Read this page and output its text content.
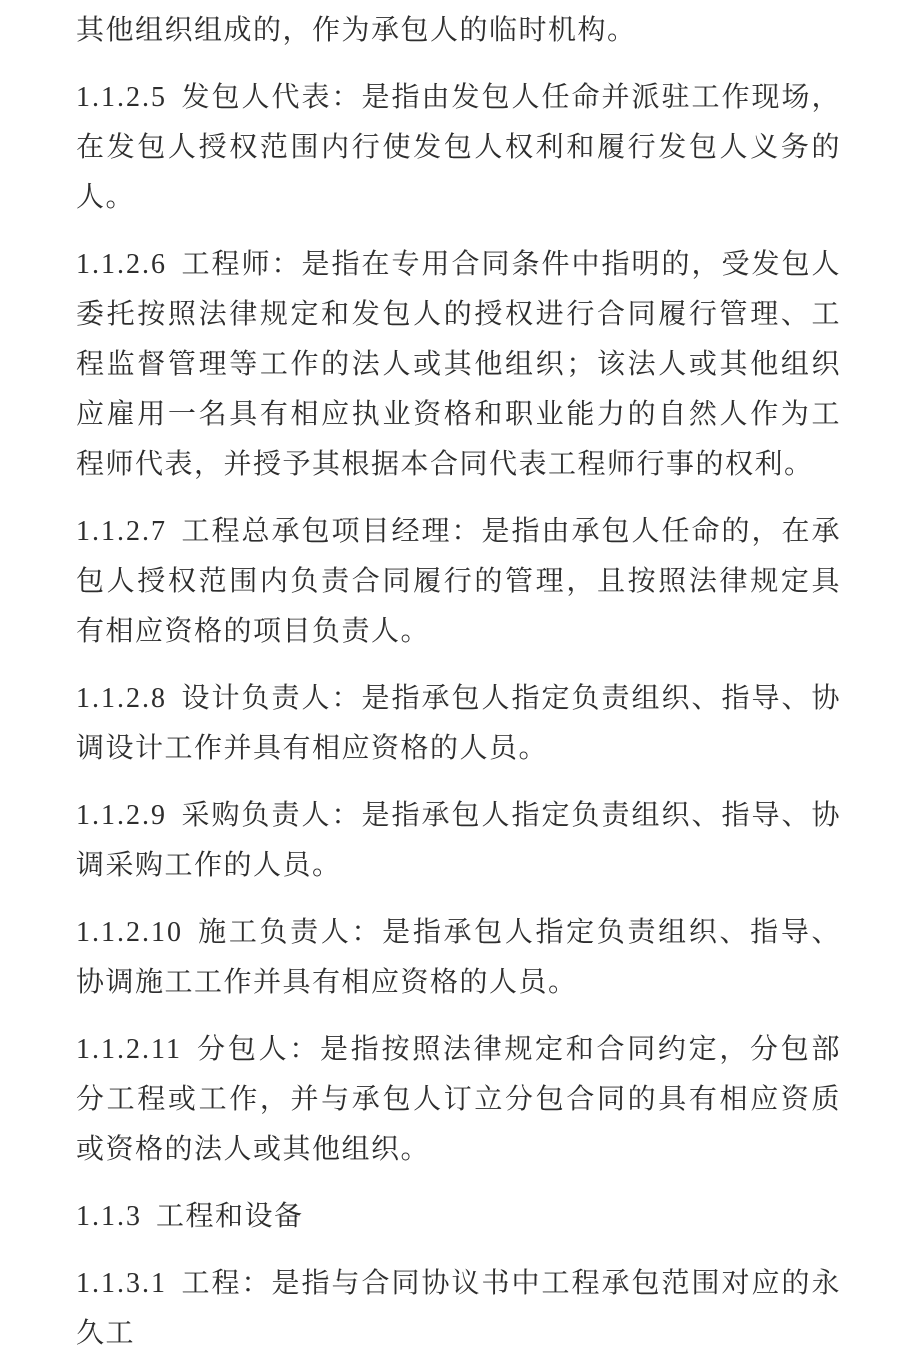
其他组织组成的，作为承包人的临时机构。

1.1.2.5 发包人代表：是指由发包人任命并派驻工作现场，在发包人授权范围内行使发包人权利和履行发包人义务的人。

1.1.2.6 工程师：是指在专用合同条件中指明的，受发包人委托按照法律规定和发包人的授权进行合同履行管理、工程监督管理等工作的法人或其他组织；该法人或其他组织应雇用一名具有相应执业资格和职业能力的自然人作为工程师代表，并授予其根据本合同代表工程师行事的权利。

1.1.2.7 工程总承包项目经理：是指由承包人任命的，在承包人授权范围内负责合同履行的管理，且按照法律规定具有相应资格的项目负责人。

1.1.2.8 设计负责人：是指承包人指定负责组织、指导、协调设计工作并具有相应资格的人员。

1.1.2.9 采购负责人：是指承包人指定负责组织、指导、协调采购工作的人员。

1.1.2.10 施工负责人：是指承包人指定负责组织、指导、协调施工工作并具有相应资格的人员。

1.1.2.11 分包人：是指按照法律规定和合同约定，分包部分工程或工作，并与承包人订立分包合同的具有相应资质或资格的法人或其他组织。

1.1.3 工程和设备

1.1.3.1 工程：是指与合同协议书中工程承包范围对应的永久工
